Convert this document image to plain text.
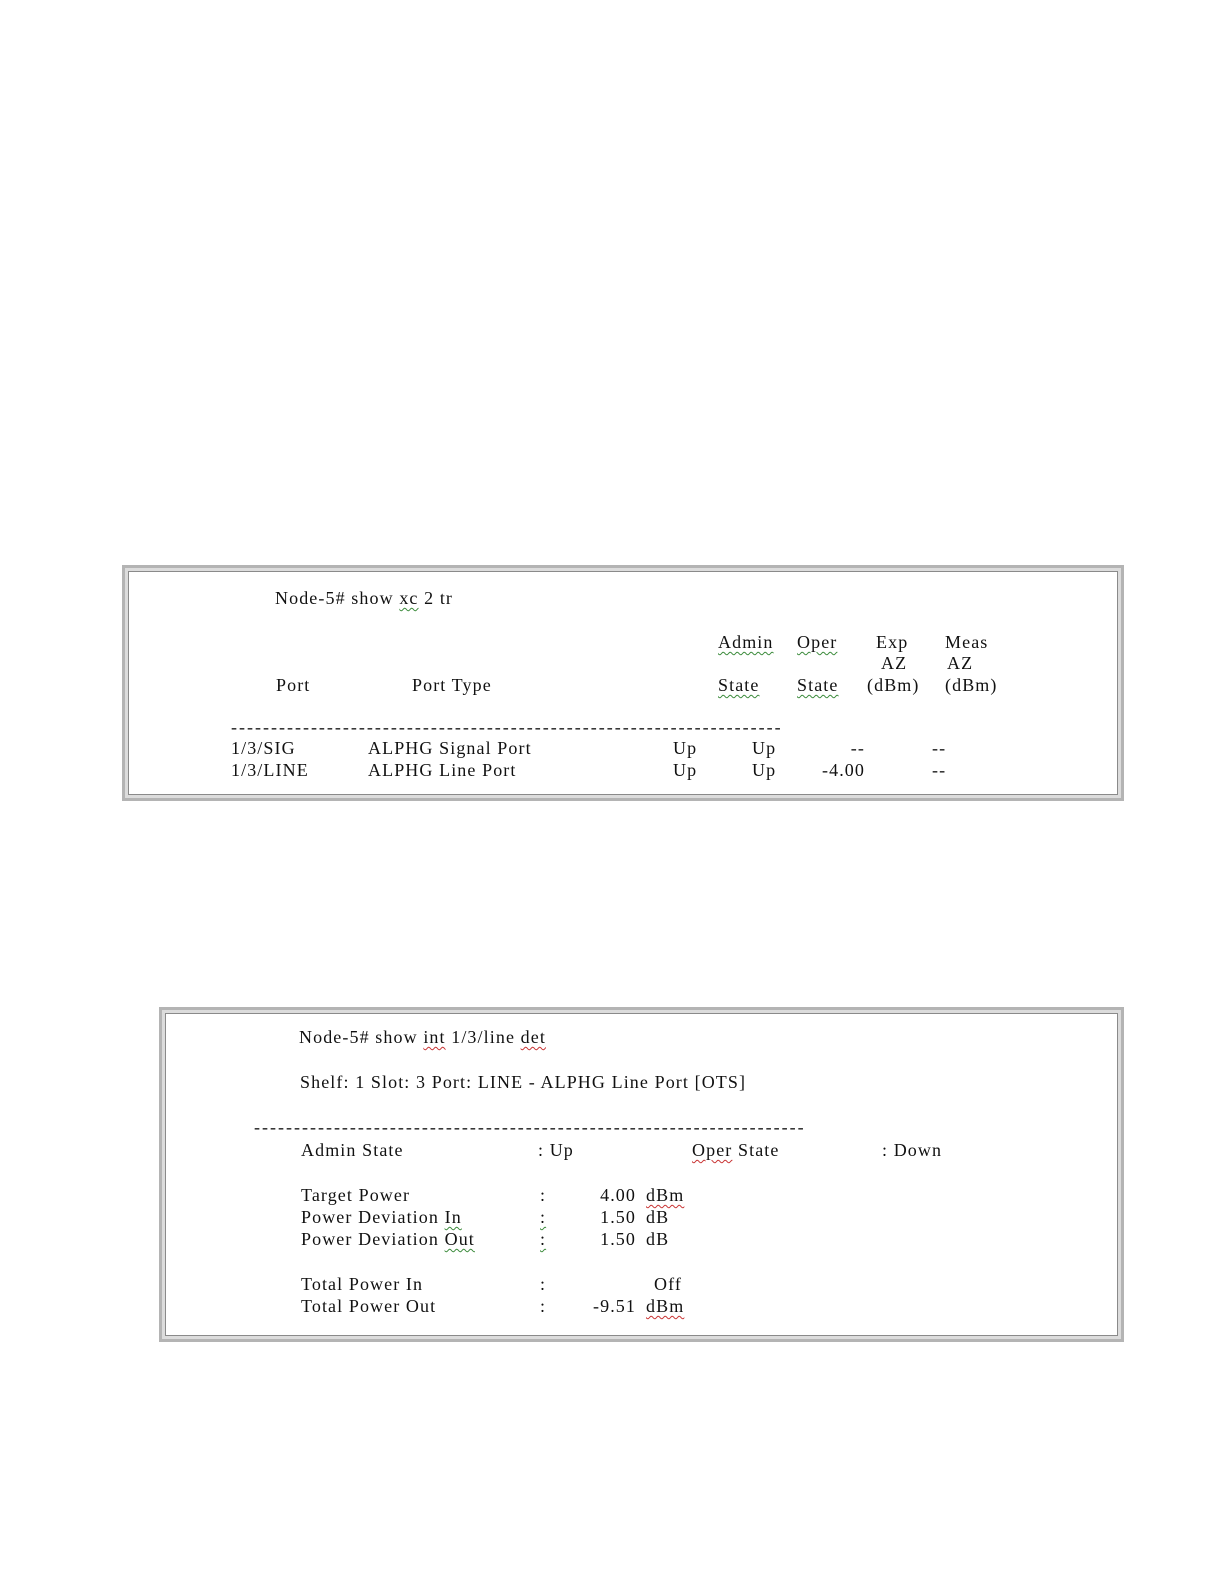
Node-5# show xc 2 tr
Admin Oper Exp Meas
AZ AZ
Port	Port Type	State State (dBm) (dBm)
---------------------------------------------------------------------
1/3/SIG	ALPHG Signal Port	Up	Up	--	--
1/3/LINE	ALPHG Line Port	Up	Up	-4.00	--
Node-5# show int 1/3/line det
Shelf: 1 Slot: 3 Port: LINE - ALPHG Line Port [OTS]
---------------------------------------------------------------------
Admin State	: Up	Oper State	: Down
Target Power	:	4.00 dBm
Power Deviation In	:	1.50 dB
Power Deviation Out	:	1.50 dB
Total Power In	:	Off
Total Power Out	:	-9.51 dBm
